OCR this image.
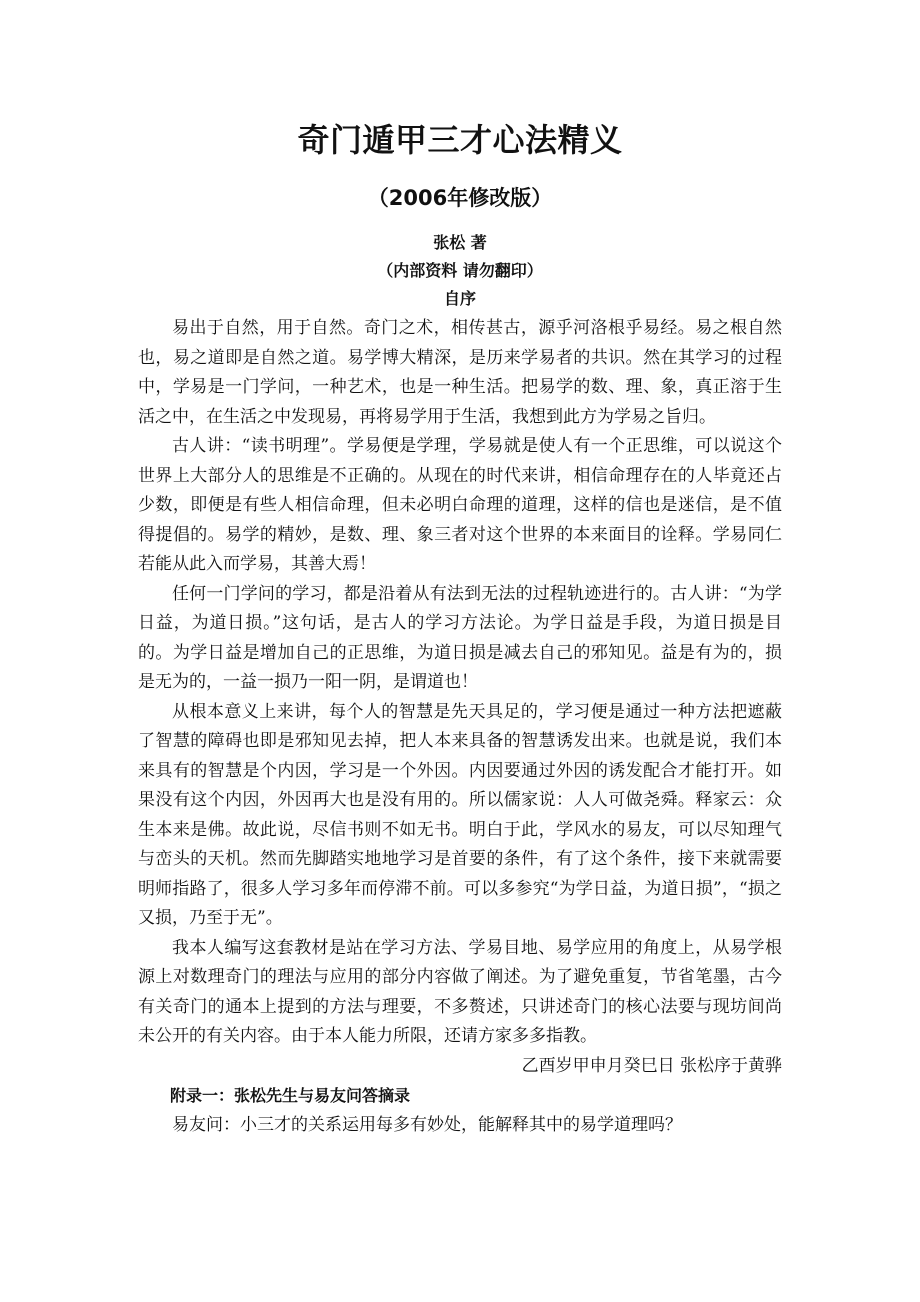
奇门遁甲三才心法精义
（2006年修改版）
张松 著
（内部资料 请勿翻印）
自序

易出于自然，用于自然。奇门之术，相传甚古，源乎河洛根乎易经。易之根自然也，易之道即是自然之道。易学博大精深，是历来学易者的共识。然在其学习的过程中，学易是一门学问，一种艺术，也是一种生活。把易学的数、理、象，真正溶于生活之中，在生活之中发现易，再将易学用于生活，我想到此方为学易之旨归。

古人讲：“读书明理”。学易便是学理，学易就是使人有一个正思维，可以说这个世界上大部分人的思维是不正确的。从现在的时代来讲，相信命理存在的人毕竟还占少数，即便是有些人相信命理，但未必明白命理的道理，这样的信也是迷信，是不值得提倡的。易学的精妙，是数、理、象三者对这个世界的本来面目的诠释。学易同仁若能从此入而学易，其善大焉！

任何一门学问的学习，都是沿着从有法到无法的过程轨迹进行的。古人讲：“为学日益，为道日损。”这句话，是古人的学习方法论。为学日益是手段，为道日损是目的。为学日益是增加自己的正思维，为道日损是减去自己的邪知见。益是有为的，损是无为的，一益一损乃一阳一阴，是谓道也！

从根本意义上来讲，每个人的智慧是先天具足的，学习便是通过一种方法把遮蔽了智慧的障碍也即是邪知见去掉，把人本来具备的智慧诱发出来。也就是说，我们本来具有的智慧是个内因，学习是一个外因。内因要通过外因的诱发配合才能打开。如果没有这个内因，外因再大也是没有用的。所以儒家说：人人可做尧舜。释家云：众生本来是佛。故此说，尽信书则不如无书。明白于此，学风水的易友，可以尽知理气与峦头的天机。然而先脚踏实地地学习是首要的条件，有了这个条件，接下来就需要明师指路了，很多人学习多年而停滞不前。可以多参究“为学日益，为道日损”，“损之又损，乃至于无”。

我本人编写这套教材是站在学习方法、学易目地、易学应用的角度上，从易学根源上对数理奇门的理法与应用的部分内容做了阐述。为了避免重复，节省笔墨，古今有关奇门的通本上提到的方法与理要，不多赘述，只讲述奇门的核心法要与现坊间尚未公开的有关内容。由于本人能力所限，还请方家多多指教。

乙酉岁甲申月癸巳日 张松序于黄骅

附录一：张松先生与易友问答摘录

易友问：小三才的关系运用每多有妙处，能解释其中的易学道理吗？
